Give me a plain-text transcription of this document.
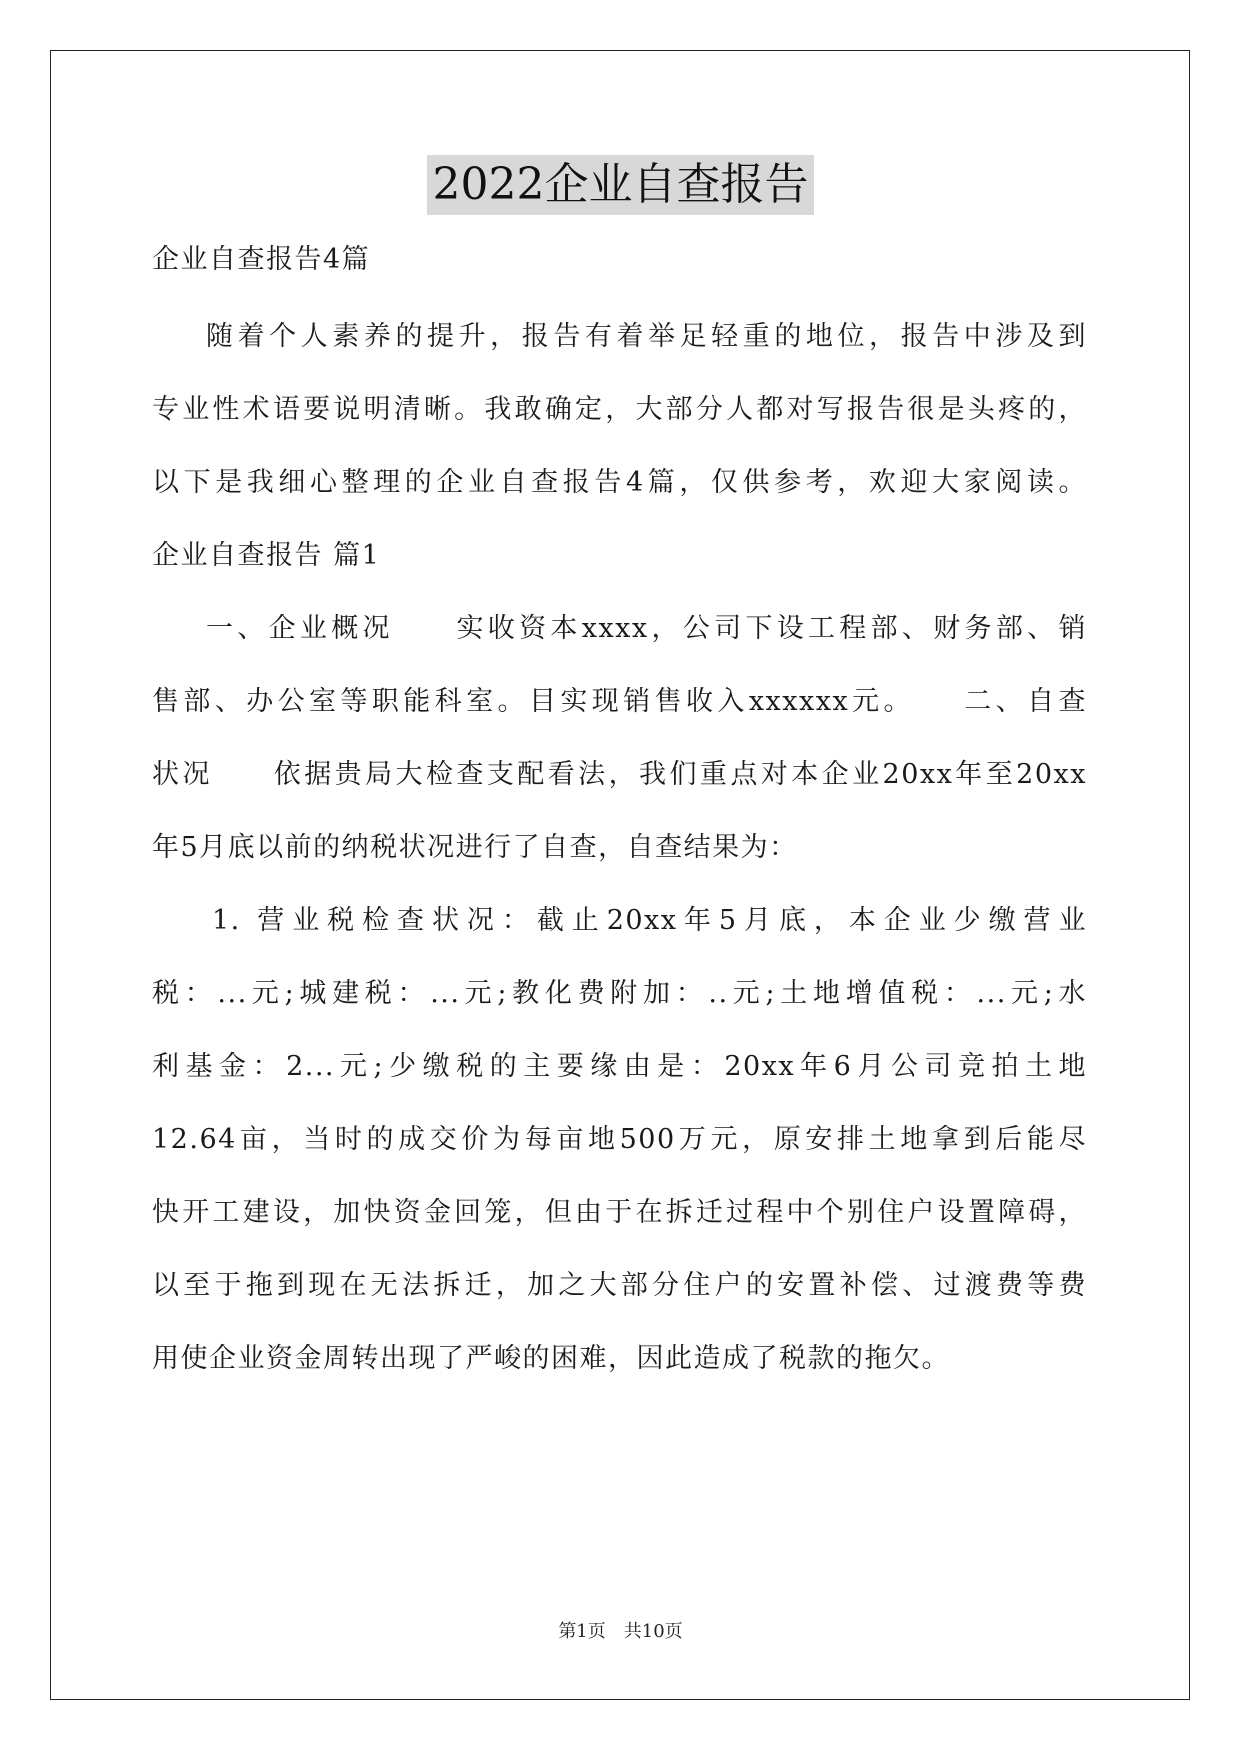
2022企业自查报告
企业自查报告4篇
随着个人素养的提升，报告有着举足轻重的地位，报告中涉及到
专业性术语要说明清晰。我敢确定，大部分人都对写报告很是头疼的，
以下是我细心整理的企业自查报告4篇，仅供参考，欢迎大家阅读。
企业自查报告 篇1
一、企业概况　　实收资本xxxx，公司下设工程部、财务部、销
售部、办公室等职能科室。目实现销售收入xxxxxx元。　　二、自查
状况　　依据贵局大检查支配看法，我们重点对本企业20xx年至20xx
年5月底以前的纳税状况进行了自查，自查结果为：
1. 营业税检查状况：截止20xx年5月底，本企业少缴营业
税：...元;城建税：...元;教化费附加：..元;土地增值税：...元;水
利基金：2...元;少缴税的主要缘由是：20xx年6月公司竞拍土地
12.64亩，当时的成交价为每亩地500万元，原安排土地拿到后能尽
快开工建设，加快资金回笼，但由于在拆迁过程中个别住户设置障碍，
以至于拖到现在无法拆迁，加之大部分住户的安置补偿、过渡费等费
用使企业资金周转出现了严峻的困难，因此造成了税款的拖欠。
第1页　共10页
